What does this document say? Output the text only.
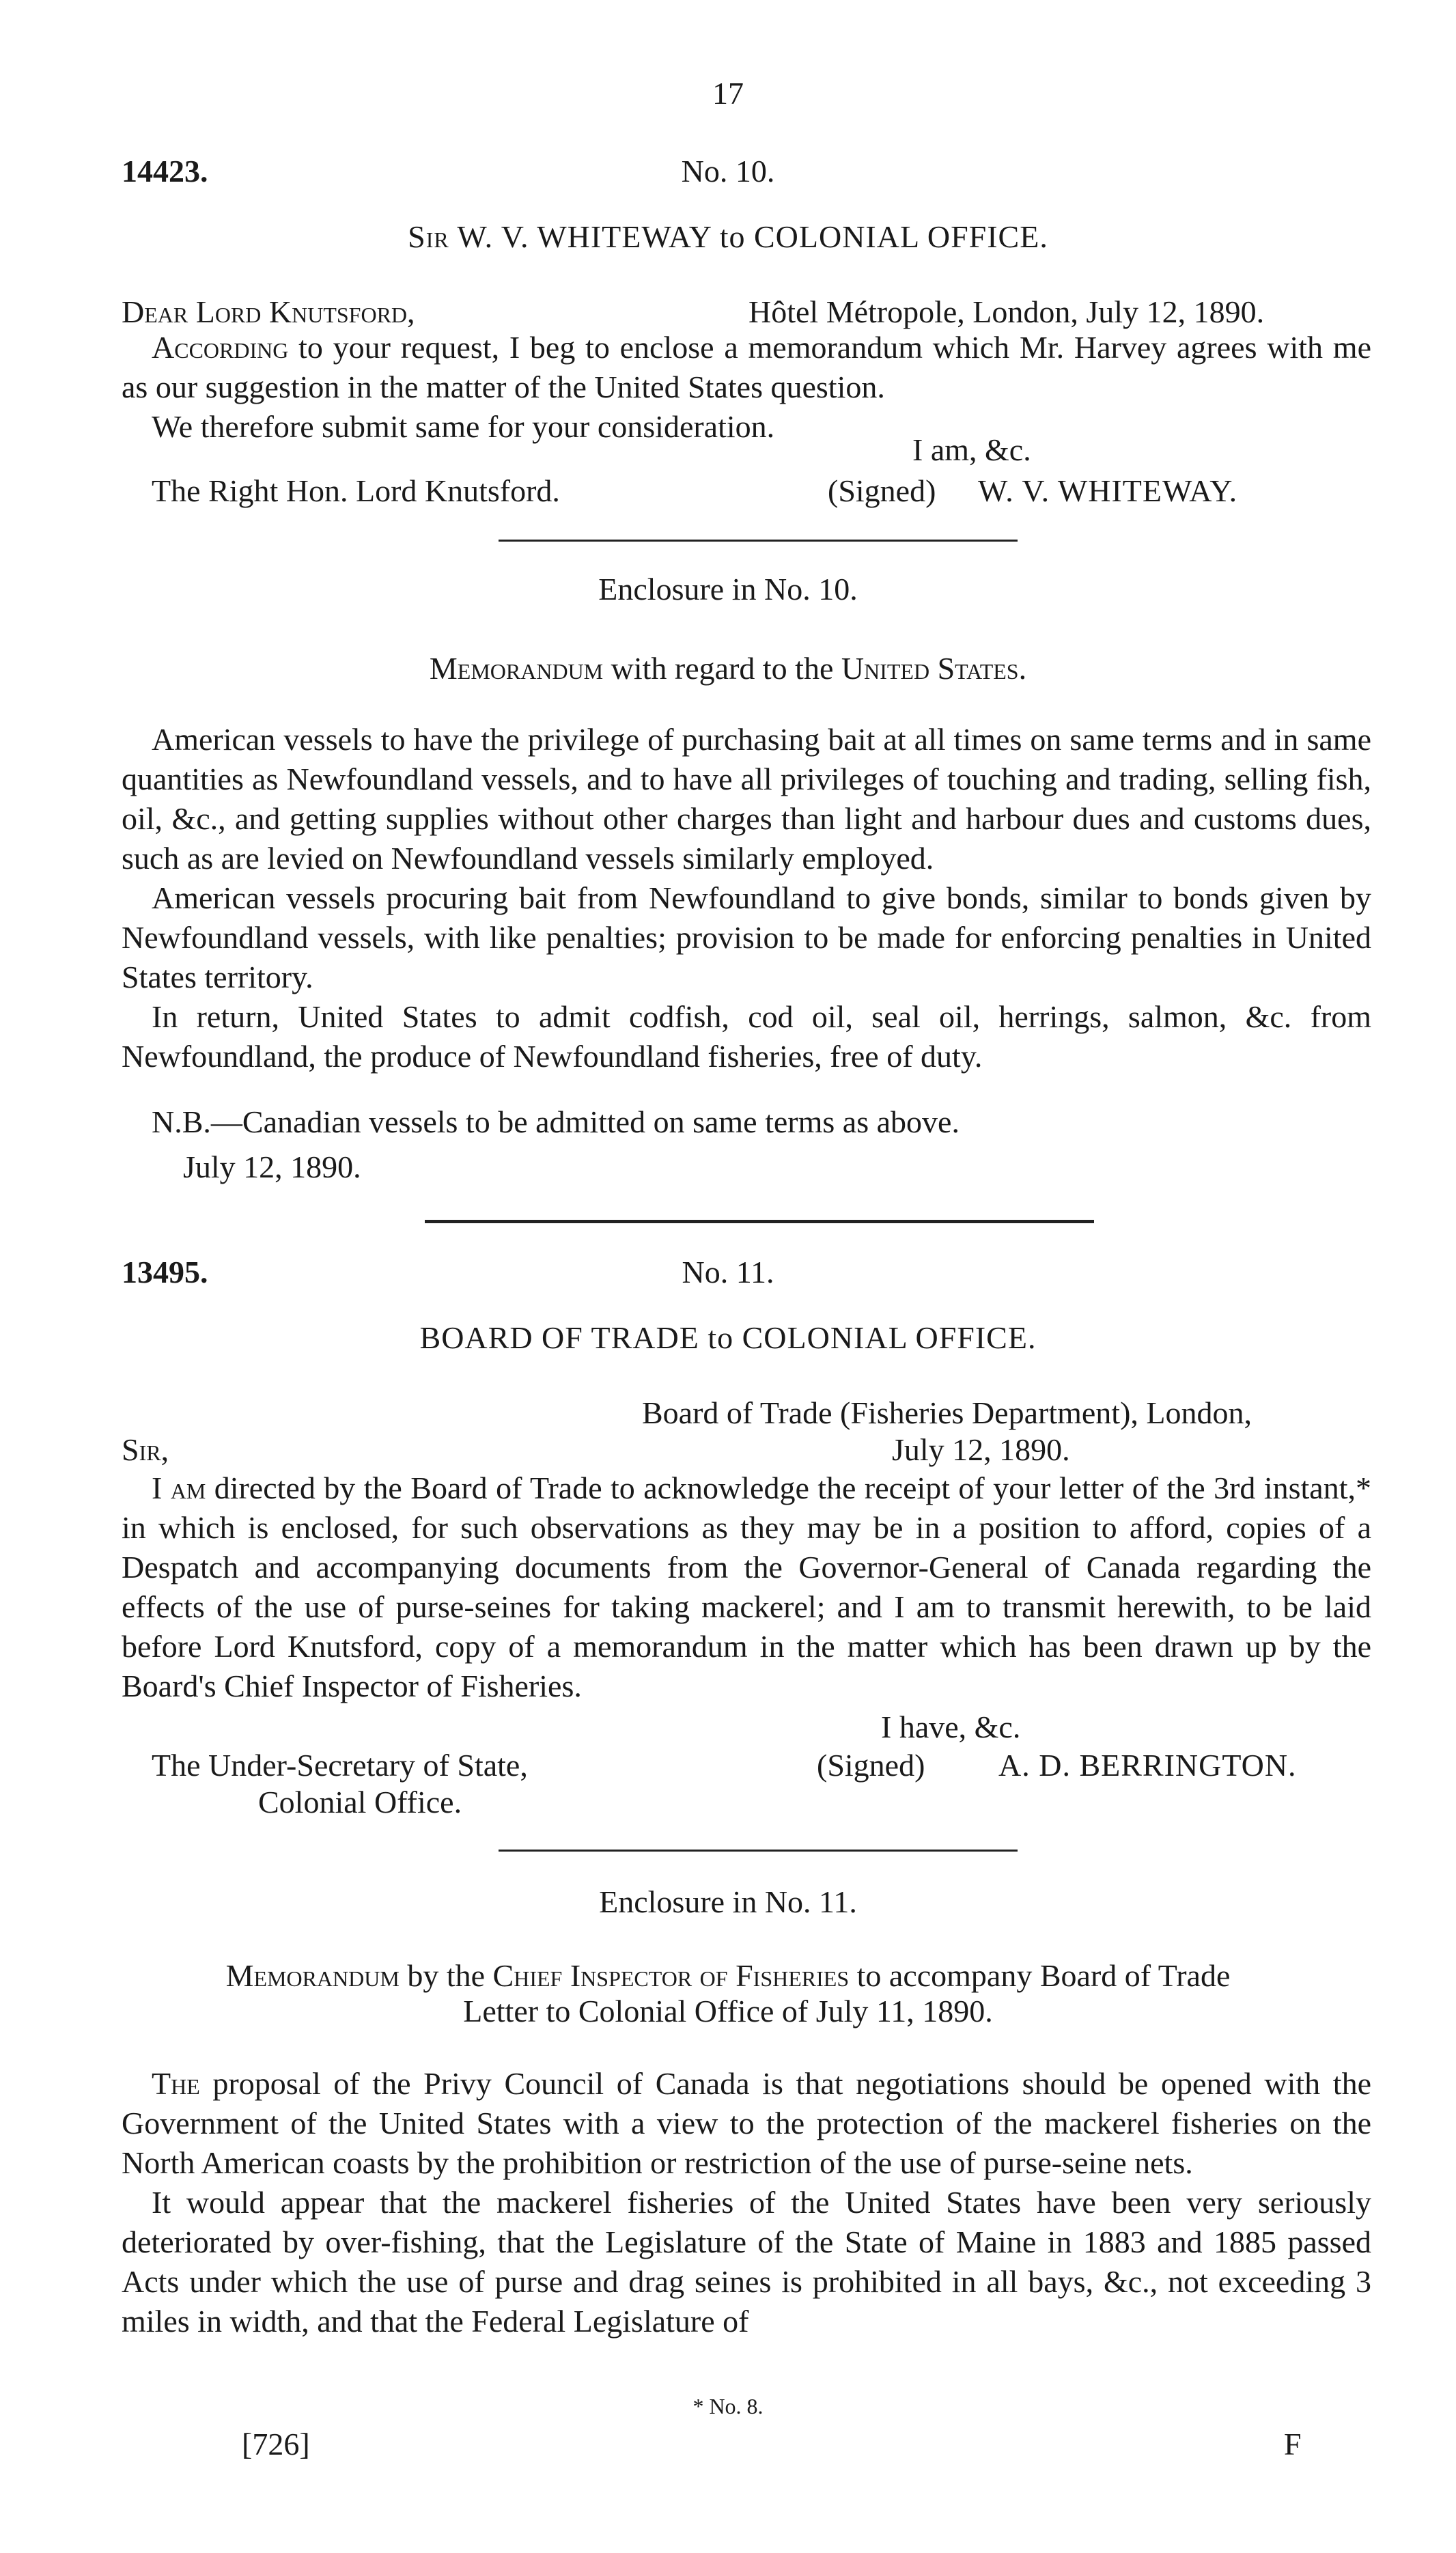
17
14423.	No. 10.
Sir W. V. WHITEWAY to COLONIAL OFFICE.
Dear Lord Knutsford,	Hôtel Métropole, London, July 12, 1890.

According to your request, I beg to enclose a memorandum which Mr. Harvey agrees with me as our suggestion in the matter of the United States question.

We therefore submit same for your consideration.

I am, &c.
The Right Hon. Lord Knutsford.	(Signed) W. V. WHITEWAY.
Enclosure in No. 10.
Memorandum with regard to the United States.

American vessels to have the privilege of purchasing bait at all times on same terms and in same quantities as Newfoundland vessels, and to have all privileges of touching and trading, selling fish, oil, &c., and getting supplies without other charges than light and harbour dues and customs dues, such as are levied on Newfoundland vessels similarly employed.

American vessels procuring bait from Newfoundland to give bonds, similar to bonds given by Newfoundland vessels, with like penalties; provision to be made for enforcing penalties in United States territory.

In return, United States to admit codfish, cod oil, seal oil, herrings, salmon, &c. from Newfoundland, the produce of Newfoundland fisheries, free of duty.

N.B.—Canadian vessels to be admitted on same terms as above.
July 12, 1890.
13495.	No. 11.
BOARD OF TRADE to COLONIAL OFFICE.
Board of Trade (Fisheries Department), London,
Sir,	July 12, 1890.

I am directed by the Board of Trade to acknowledge the receipt of your letter of the 3rd instant,* in which is enclosed, for such observations as they may be in a position to afford, copies of a Despatch and accompanying documents from the Governor-General of Canada regarding the effects of the use of purse-seines for taking mackerel; and I am to transmit herewith, to be laid before Lord Knutsford, copy of a memorandum in the matter which has been drawn up by the Board's Chief Inspector of Fisheries.

I have, &c.
The Under-Secretary of State,	(Signed) A. D. BERRINGTON.
Colonial Office.
Enclosure in No. 11.
Memorandum by the Chief Inspector of Fisheries to accompany Board of Trade
Letter to Colonial Office of July 11, 1890.

The proposal of the Privy Council of Canada is that negotiations should be opened with the Government of the United States with a view to the protection of the mackerel fisheries on the North American coasts by the prohibition or restriction of the use of purse-seine nets.

It would appear that the mackerel fisheries of the United States have been very seriously deteriorated by over-fishing, that the Legislature of the State of Maine in 1883 and 1885 passed Acts under which the use of purse and drag seines is prohibited in all bays, &c., not exceeding 3 miles in width, and that the Federal Legislature of

* No. 8.
[726]	F
